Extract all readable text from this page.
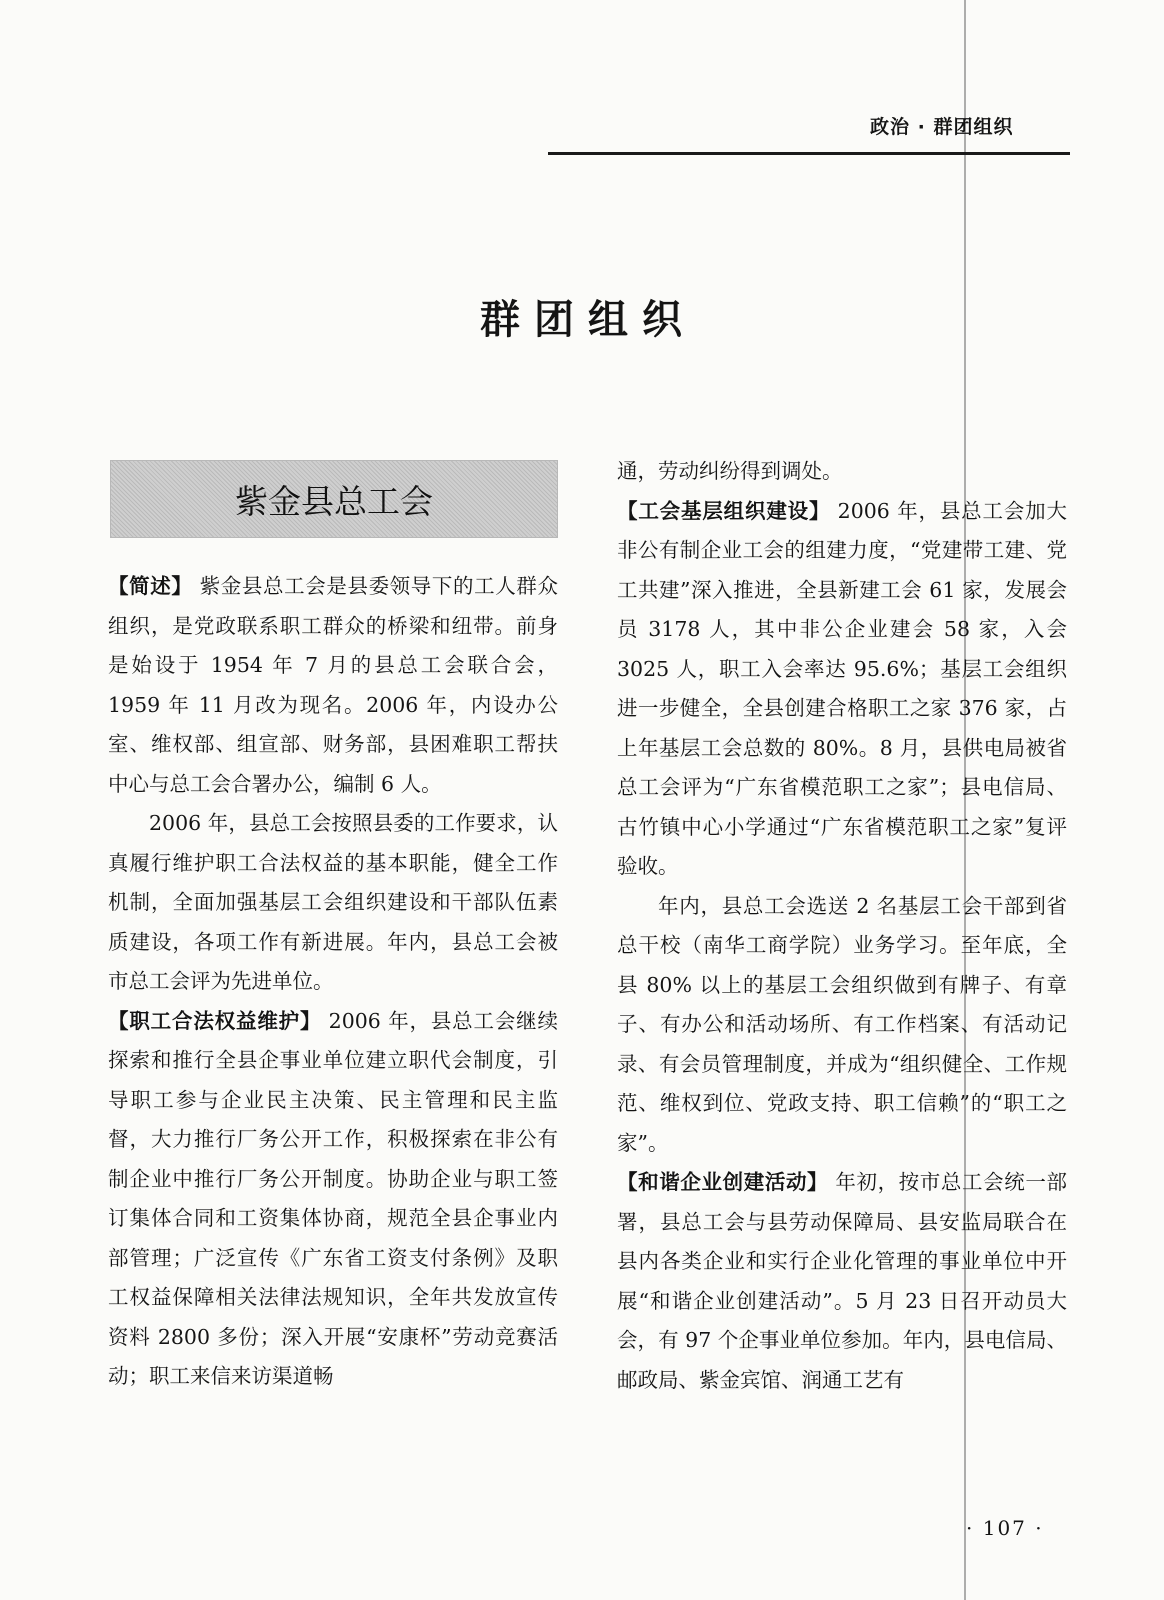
政治 · 群团组织
群团组织
紫金县总工会

【简述】 紫金县总工会是县委领导下的工人群众组织，是党政联系职工群众的桥梁和纽带。前身是始设于 1954 年 7 月的县总工会联合会，1959 年 11 月改为现名。2006 年，内设办公室、维权部、组宣部、财务部，县困难职工帮扶中心与总工会合署办公，编制 6 人。

2006 年，县总工会按照县委的工作要求，认真履行维护职工合法权益的基本职能，健全工作机制，全面加强基层工会组织建设和干部队伍素质建设，各项工作有新进展。年内，县总工会被市总工会评为先进单位。

【职工合法权益维护】 2006 年，县总工会继续探索和推行全县企事业单位建立职代会制度，引导职工参与企业民主决策、民主管理和民主监督，大力推行厂务公开工作，积极探索在非公有制企业中推行厂务公开制度。协助企业与职工签订集体合同和工资集体协商，规范全县企事业内部管理；广泛宣传《广东省工资支付条例》及职工权益保障相关法律法规知识，全年共发放宣传资料 2800 多份；深入开展“安康杯”劳动竞赛活动；职工来信来访渠道畅

通，劳动纠纷得到调处。

【工会基层组织建设】 2006 年，县总工会加大非公有制企业工会的组建力度，“党建带工建、党工共建”深入推进，全县新建工会 61 家，发展会员 3178 人，其中非公企业建会 58 家，入会 3025 人，职工入会率达 95.6%；基层工会组织进一步健全，全县创建合格职工之家 376 家，占上年基层工会总数的 80%。8 月，县供电局被省总工会评为“广东省模范职工之家”；县电信局、古竹镇中心小学通过“广东省模范职工之家”复评验收。

年内，县总工会选送 2 名基层工会干部到省总干校（南华工商学院）业务学习。至年底，全县 80% 以上的基层工会组织做到有牌子、有章子、有办公和活动场所、有工作档案、有活动记录、有会员管理制度，并成为“组织健全、工作规范、维权到位、党政支持、职工信赖”的“职工之家”。

【和谐企业创建活动】 年初，按市总工会统一部署，县总工会与县劳动保障局、县安监局联合在县内各类企业和实行企业化管理的事业单位中开展“和谐企业创建活动”。5 月 23 日召开动员大会，有 97 个企事业单位参加。年内，县电信局、邮政局、紫金宾馆、润通工艺有

· 107 ·
